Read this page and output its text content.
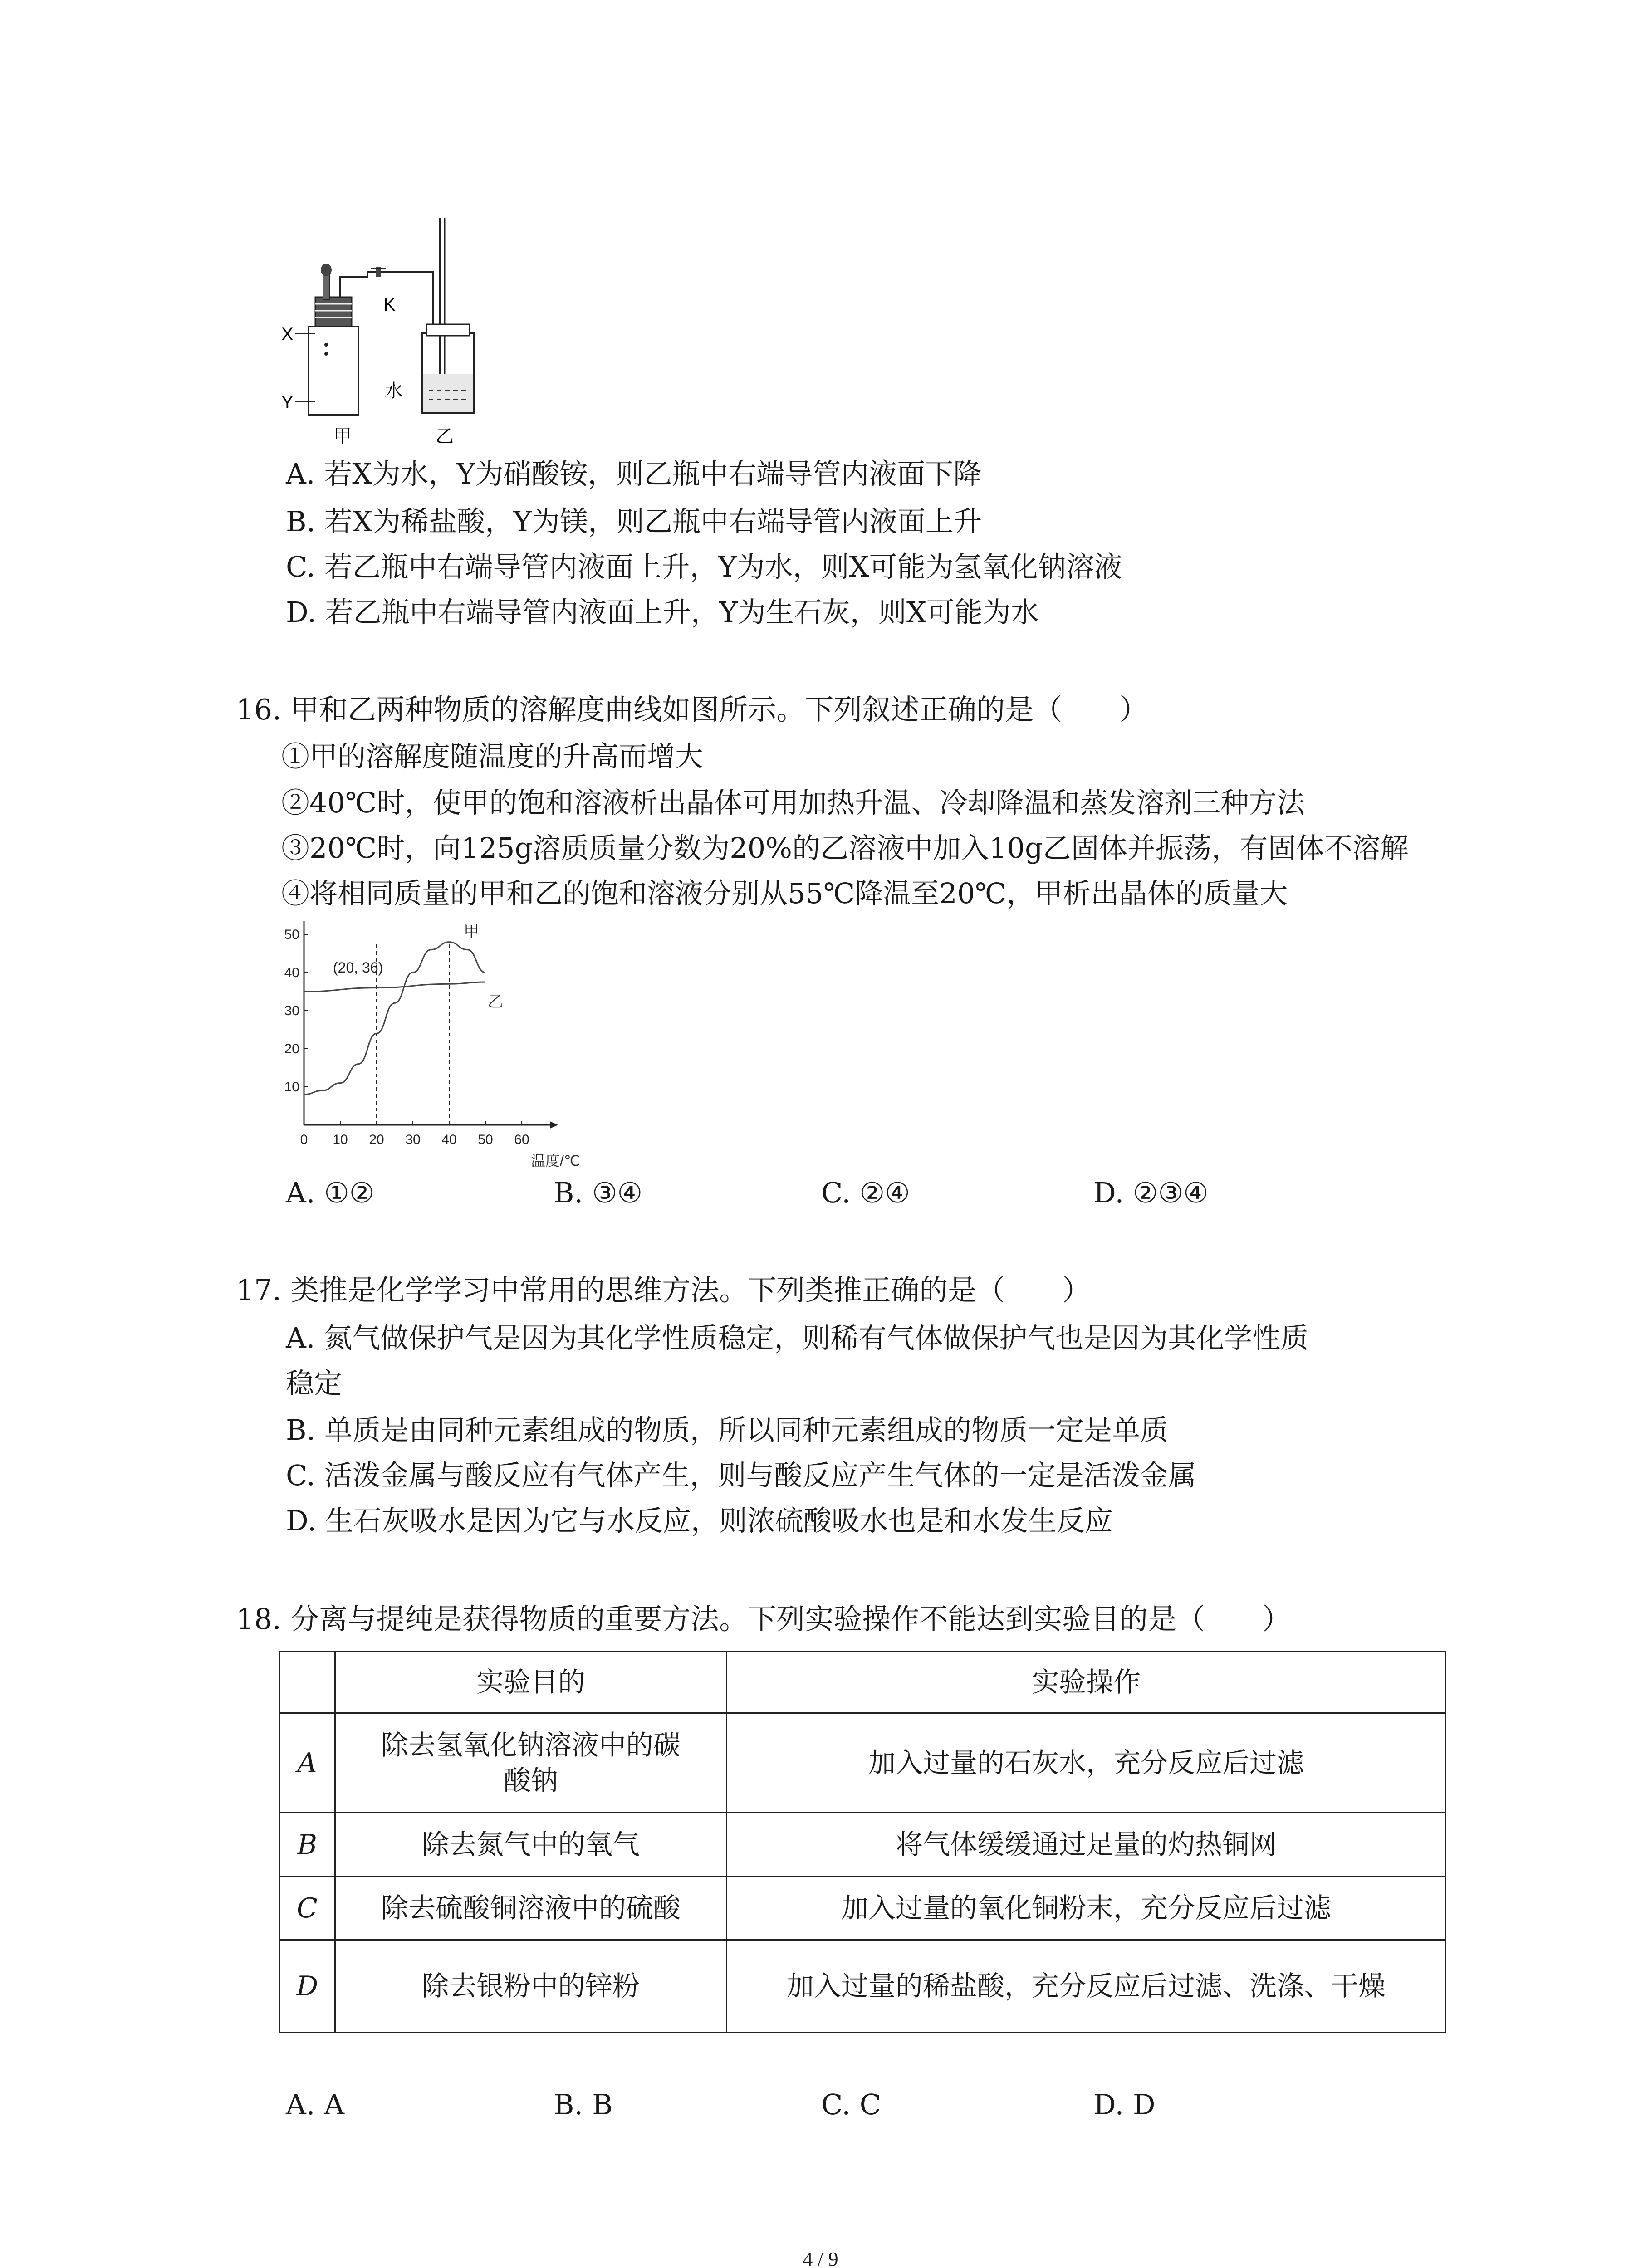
X
Y
K
水
甲	乙
A. 若X为水，Y为硝酸铵，则乙瓶中右端导管内液面下降
B. 若X为稀盐酸，Y为镁，则乙瓶中右端导管内液面上升
C. 若乙瓶中右端导管内液面上升，Y为水，则X可能为氢氧化钠溶液
D. 若乙瓶中右端导管内液面上升，Y为生石灰，则X可能为水
16. 甲和乙两种物质的溶解度曲线如图所示。下列叙述正确的是（　　）
①甲的溶解度随温度的升高而增大
②40℃时，使甲的饱和溶液析出晶体可用加热升温、冷却降温和蒸发溶剂三种方法
③20℃时，向125g溶质质量分数为20%的乙溶液中加入10g乙固体并振荡，有固体不溶解
④将相同质量的甲和乙的饱和溶液分别从55℃降温至20℃，甲析出晶体的质量大
0 10 20 30 40 50 60
10
20
30
40
50
温度/℃
甲
乙
(20, 36)
A. ①②	B. ③④	C. ②④	D. ②③④
17. 类推是化学学习中常用的思维方法。下列类推正确的是（　　）
A. 氮气做保护气是因为其化学性质稳定，则稀有气体做保护气也是因为其化学性质
稳定
B. 单质是由同种元素组成的物质，所以同种元素组成的物质一定是单质
C. 活泼金属与酸反应有气体产生，则与酸反应产生气体的一定是活泼金属
D. 生石灰吸水是因为它与水反应，则浓硫酸吸水也是和水发生反应
18. 分离与提纯是获得物质的重要方法。下列实验操作不能达到实验目的是（　　）
	实验目的	实验操作
A	除去氢氧化钠溶液中的碳酸钠	加入过量的石灰水，充分反应后过滤
B	除去氮气中的氧气	将气体缓缓通过足量的灼热铜网
C	除去硫酸铜溶液中的硫酸	加入过量的氧化铜粉末，充分反应后过滤
D	除去银粉中的锌粉	加入过量的稀盐酸，充分反应后过滤、洗涤、干燥
A. A	B. B	C. C	D. D
4 / 9
